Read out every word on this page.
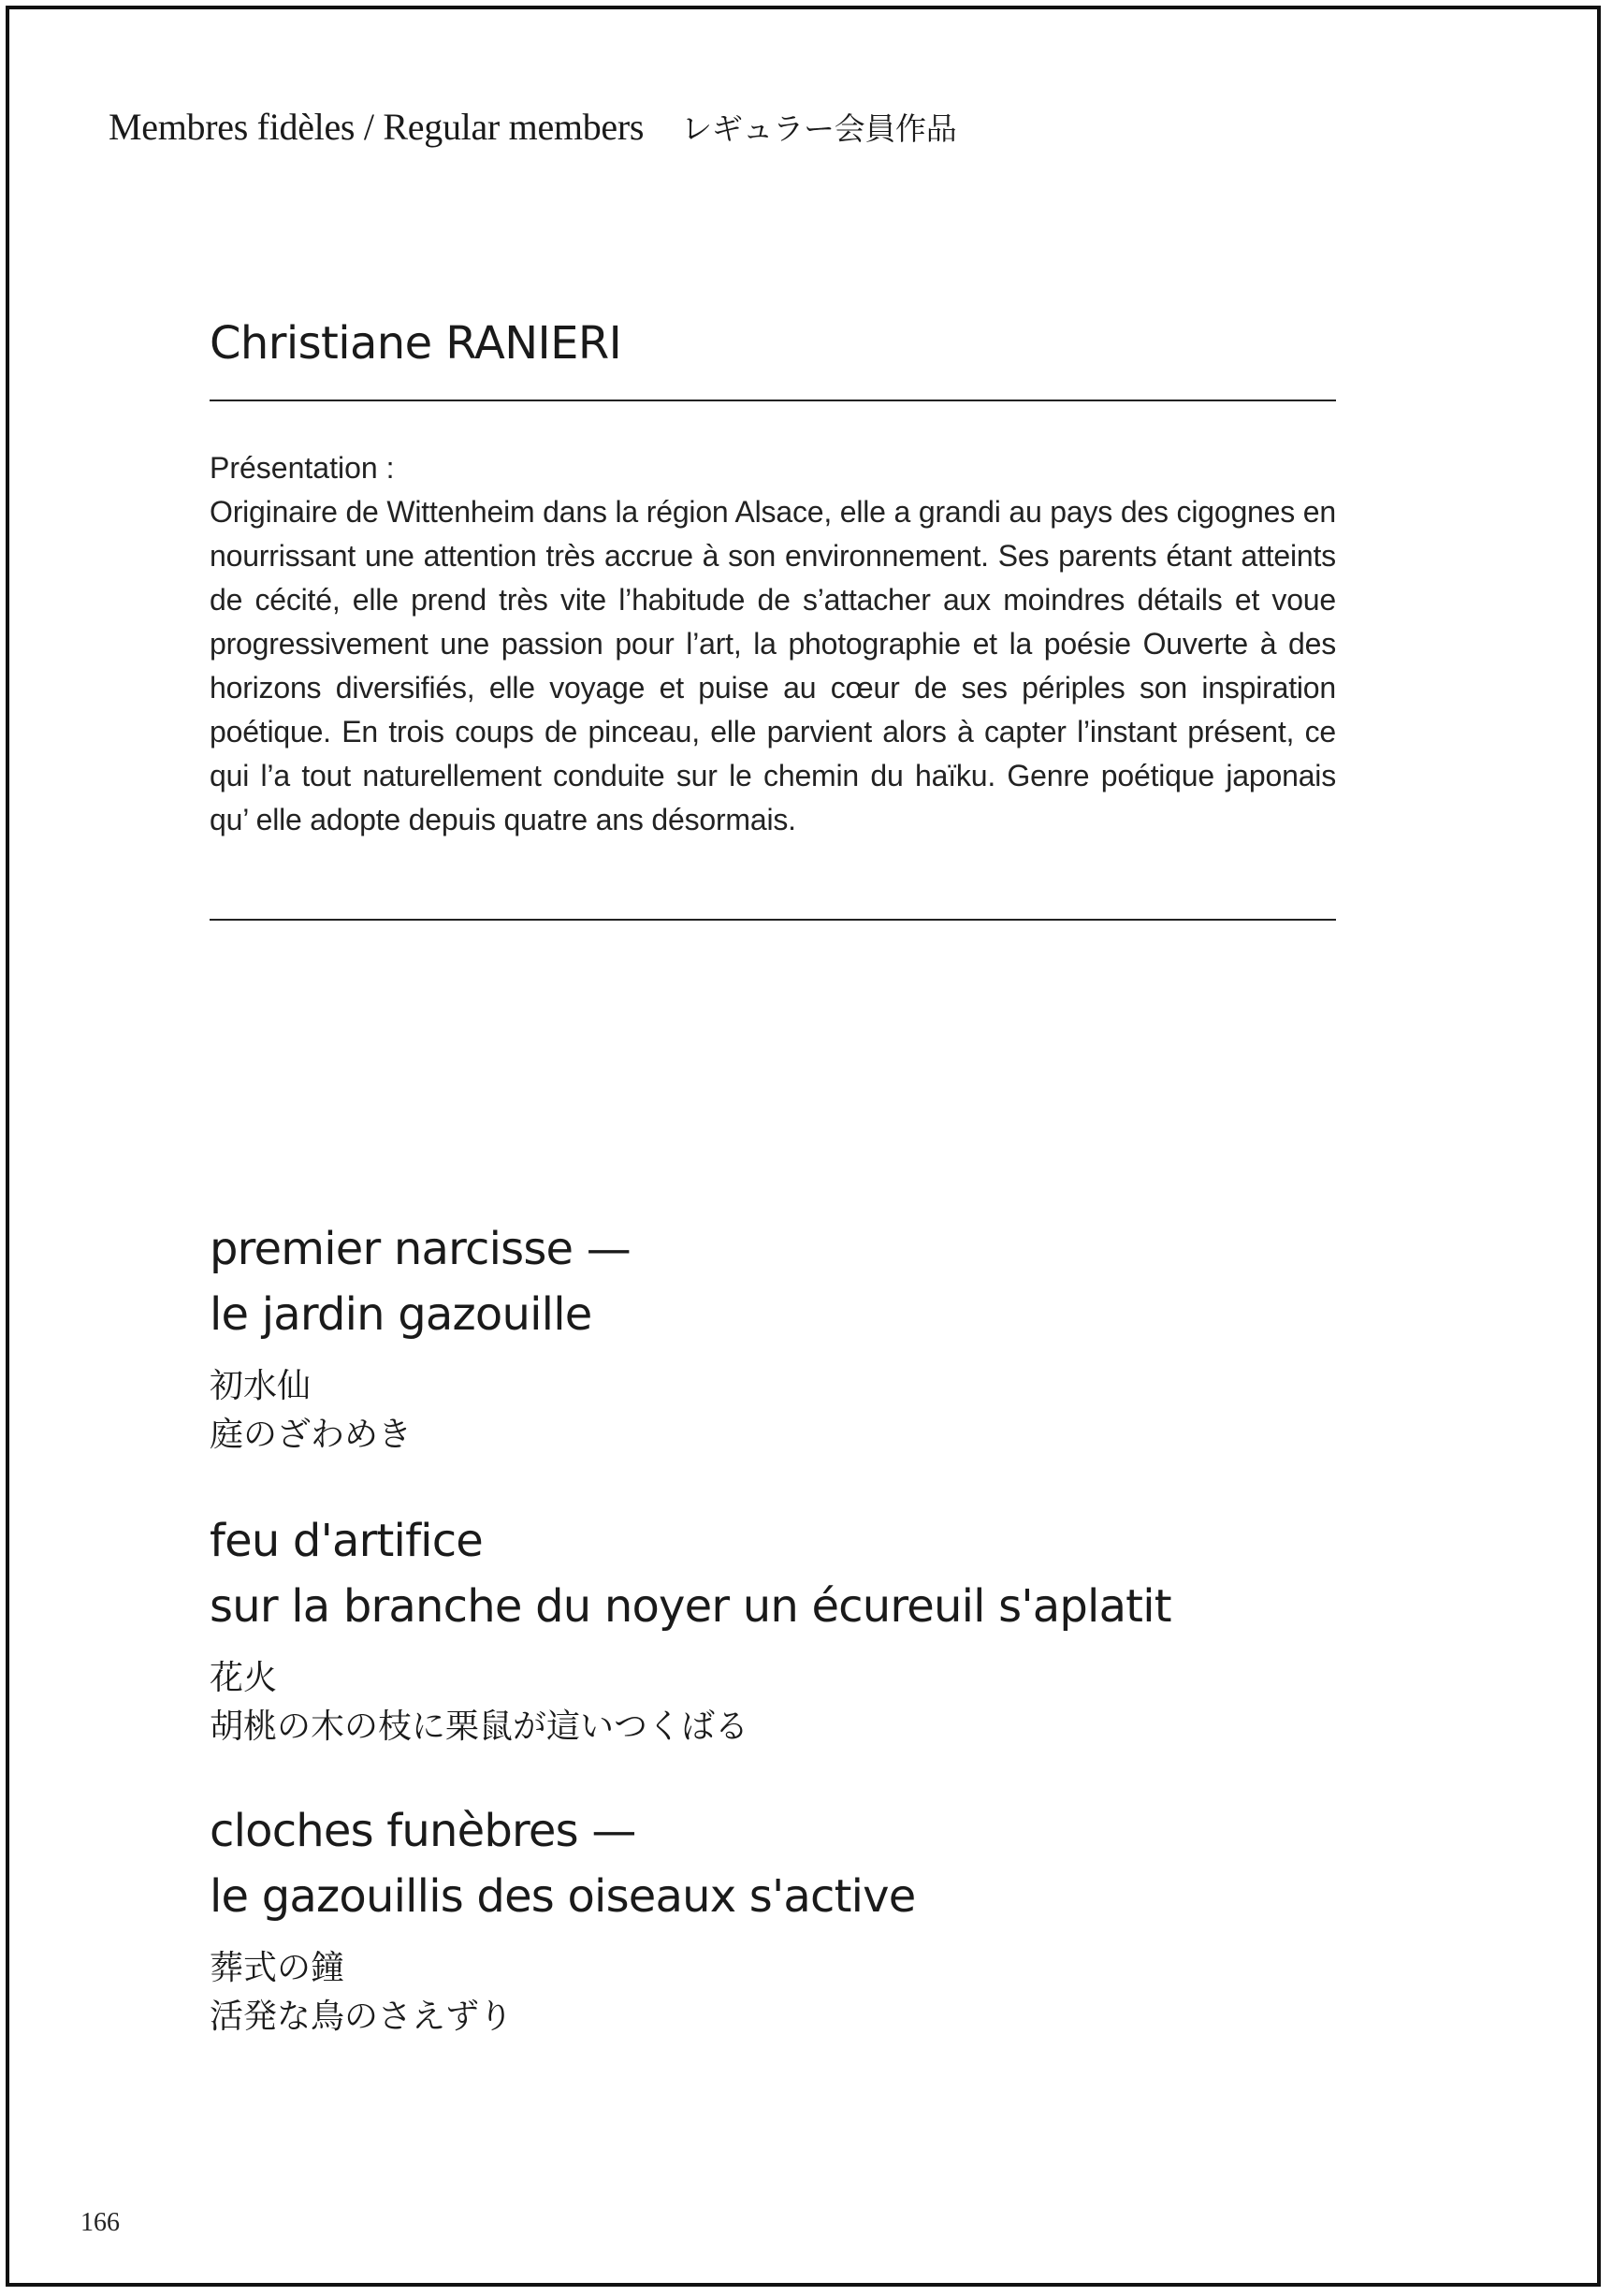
Membres fidèles / Regular members レギュラー会員作品
Christiane RANIERI
Présentation :
Originaire de Wittenheim dans la région Alsace, elle a grandi au pays des cigognes en nourrissant une attention très accrue à son environnement. Ses parents étant atteints de cécité, elle prend très vite l’habitude de s’attacher aux moindres détails et voue progressivement une passion pour l’art, la photographie et la poésie Ouverte à des horizons diversifiés, elle voyage et puise au cœur de ses périples son inspiration poétique. En trois coups de pinceau, elle parvient alors à capter l’instant présent, ce qui l’a tout naturellement conduite sur le chemin du haïku. Genre poétique japonais qu’ elle adopte depuis quatre ans désormais.
premier narcisse —
le jardin gazouille
初水仙
庭のざわめき
feu d'artifice
sur la branche du noyer un écureuil s'aplatit
花火
胡桃の木の枝に栗鼠が這いつくばる
cloches funèbres —
le gazouillis des oiseaux s'active
葬式の鐘
活発な鳥のさえずり
166
